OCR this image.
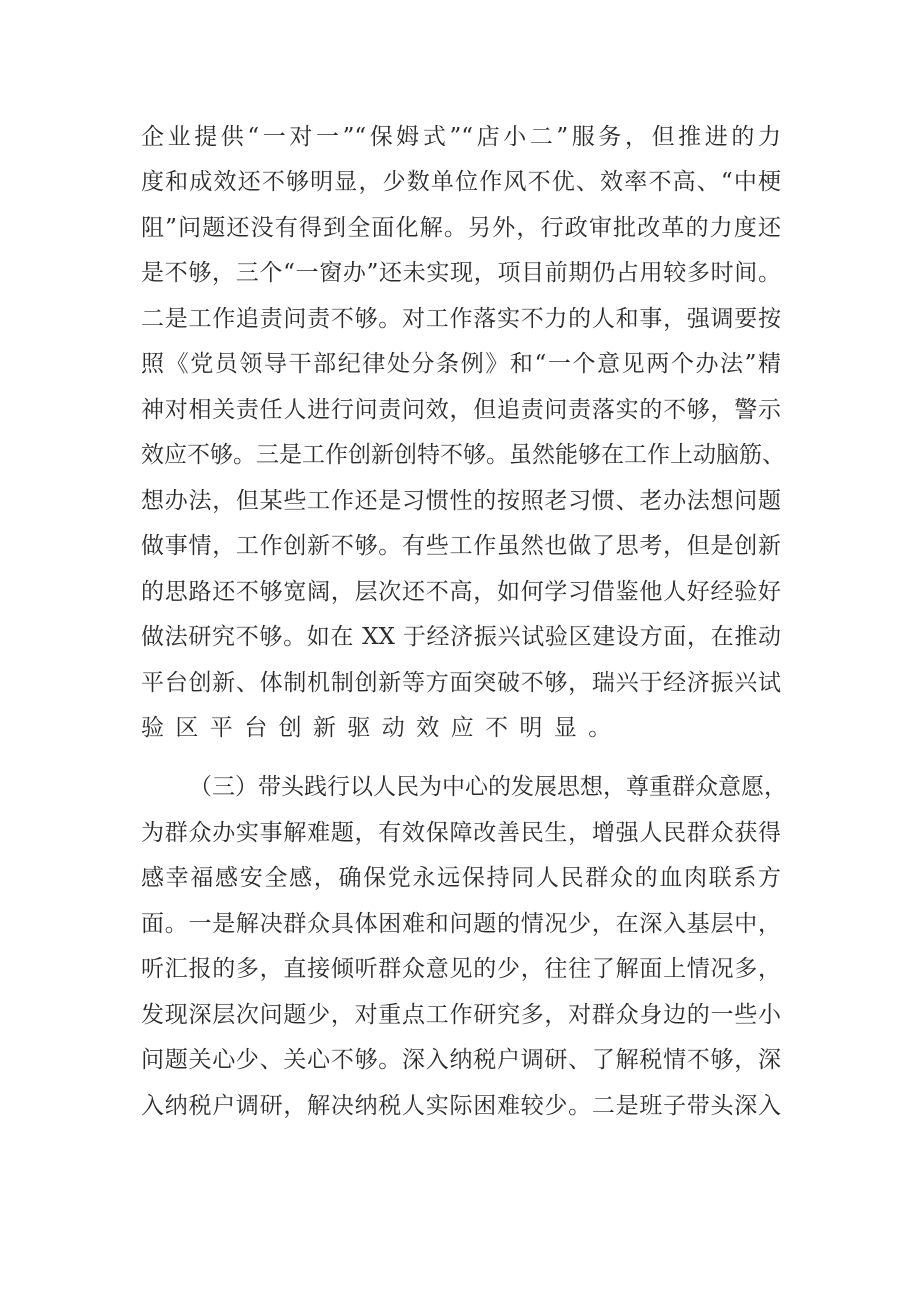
企业提供“一对一”“保姆式”“店小二”服务，但推进的力
度和成效还不够明显，少数单位作风不优、效率不高、“中梗
阻”问题还没有得到全面化解。另外，行政审批改革的力度还
是不够，三个“一窗办”还未实现，项目前期仍占用较多时间。
二是工作追责问责不够。对工作落实不力的人和事，强调要按
照《党员领导干部纪律处分条例》和“一个意见两个办法”精
神对相关责任人进行问责问效，但追责问责落实的不够，警示
效应不够。三是工作创新创特不够。虽然能够在工作上动脑筋、
想办法，但某些工作还是习惯性的按照老习惯、老办法想问题
做事情，工作创新不够。有些工作虽然也做了思考，但是创新
的思路还不够宽阔，层次还不高，如何学习借鉴他人好经验好
做法研究不够。如在 XX 于经济振兴试验区建设方面，在推动
平台创新、体制机制创新等方面突破不够，瑞兴于经济振兴试
验区平台创新驱动效应不明显。
（三）带头践行以人民为中心的发展思想，尊重群众意愿，
为群众办实事解难题，有效保障改善民生，增强人民群众获得
感幸福感安全感，确保党永远保持同人民群众的血肉联系方
面。一是解决群众具体困难和问题的情况少，在深入基层中，
听汇报的多，直接倾听群众意见的少，往往了解面上情况多，
发现深层次问题少，对重点工作研究多，对群众身边的一些小
问题关心少、关心不够。深入纳税户调研、了解税情不够，深
入纳税户调研，解决纳税人实际困难较少。二是班子带头深入
